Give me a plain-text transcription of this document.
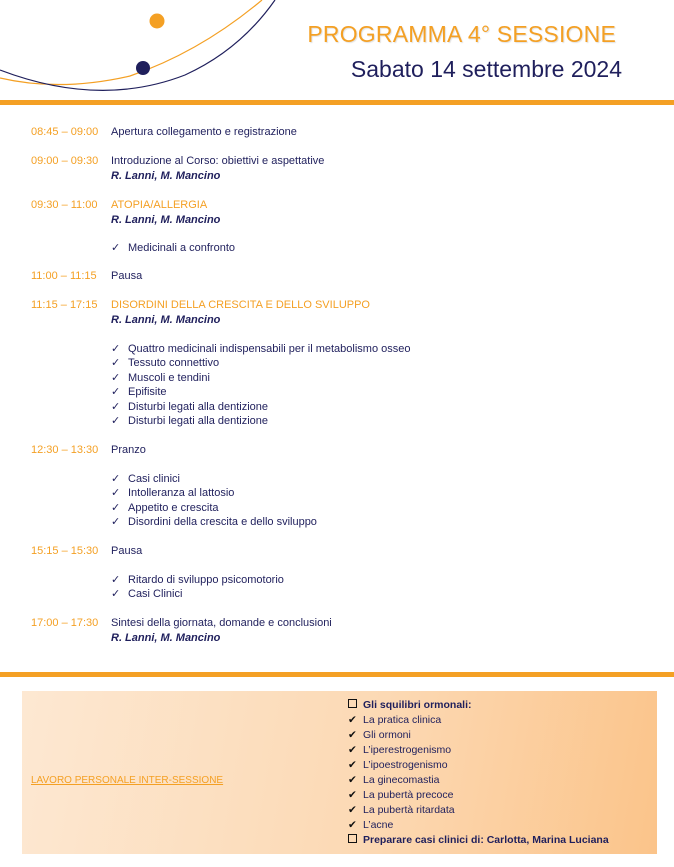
PROGRAMMA 4° SESSIONE
Sabato 14 settembre 2024
08:45 – 09:00 Apertura collegamento e registrazione
09:00 – 09:30 Introduzione al Corso: obiettivi e aspettative
R. Lanni, M. Mancino
09:30 – 11:00 ATOPIA/ALLERGIA
R. Lanni, M. Mancino
✓ Medicinali a confronto
11:00 – 11:15 Pausa
11:15 – 17:15 DISORDINI DELLA CRESCITA E DELLO SVILUPPO
R. Lanni, M. Mancino
✓ Quattro medicinali indispensabili per il metabolismo osseo
✓ Tessuto connettivo
✓ Muscoli e tendini
✓ Epifisite
✓ Disturbi legati alla dentizione
✓ Disturbi legati alla dentizione
12:30 – 13:30 Pranzo
✓ Casi clinici
✓ Intolleranza al lattosio
✓ Appetito e crescita
✓ Disordini della crescita e dello sviluppo
15:15 – 15:30 Pausa
✓ Ritardo di sviluppo psicomotorio
✓ Casi Clinici
17:00 – 17:30 Sintesi della giornata, domande e conclusioni
R. Lanni, M. Mancino
LAVORO PERSONALE INTER-SESSIONE
Gli squilibri ormonali:
✔ La pratica clinica
✔ Gli ormoni
✔ L’iperestrogenismo
✔ L’ipoestrogenismo
✔ La ginecomastia
✔ La pubertà precoce
✔ La pubertà ritardata
✔ L’acne
Preparare casi clinici di: Carlotta, Marina Luciana
